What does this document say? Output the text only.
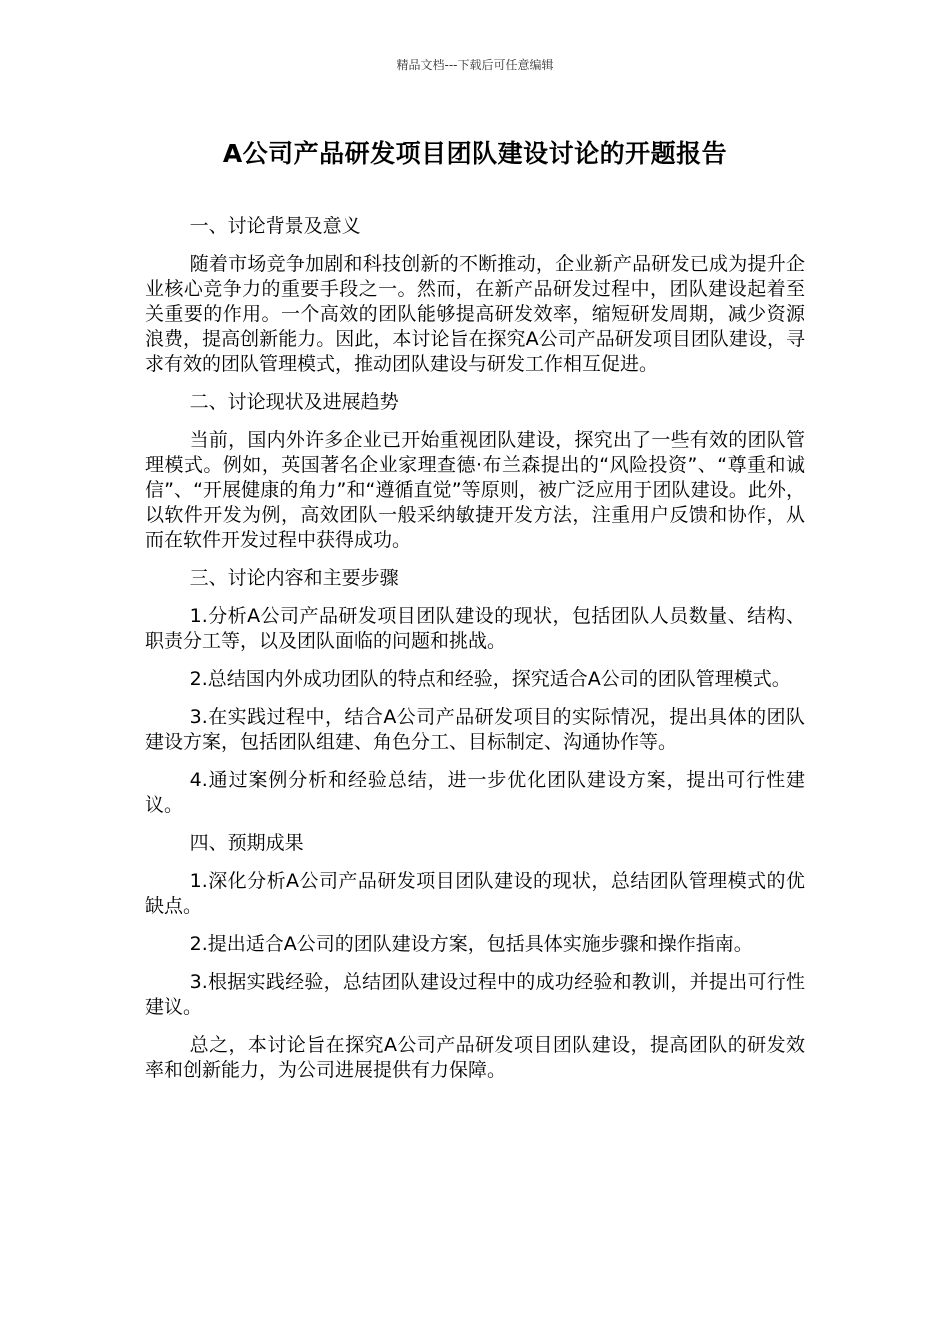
精品文档---下载后可任意编辑
A公司产品研发项目团队建设讨论的开题报告

一、讨论背景及意义

随着市场竞争加剧和科技创新的不断推动，企业新产品研发已成为提升企业核心竞争力的重要手段之一。然而，在新产品研发过程中，团队建设起着至关重要的作用。一个高效的团队能够提高研发效率，缩短研发周期，减少资源浪费，提高创新能力。因此，本讨论旨在探究A公司产品研发项目团队建设，寻求有效的团队管理模式，推动团队建设与研发工作相互促进。

二、讨论现状及进展趋势

当前，国内外许多企业已开始重视团队建设，探究出了一些有效的团队管理模式。例如，英国著名企业家理查德·布兰森提出的“风险投资”、“尊重和诚信”、“开展健康的角力”和“遵循直觉”等原则，被广泛应用于团队建设。此外，以软件开发为例，高效团队一般采纳敏捷开发方法，注重用户反馈和协作，从而在软件开发过程中获得成功。

三、讨论内容和主要步骤

1.分析A公司产品研发项目团队建设的现状，包括团队人员数量、结构、职责分工等，以及团队面临的问题和挑战。

2.总结国内外成功团队的特点和经验，探究适合A公司的团队管理模式。

3.在实践过程中，结合A公司产品研发项目的实际情况，提出具体的团队建设方案，包括团队组建、角色分工、目标制定、沟通协作等。

4.通过案例分析和经验总结，进一步优化团队建设方案，提出可行性建议。

四、预期成果

1.深化分析A公司产品研发项目团队建设的现状，总结团队管理模式的优缺点。

2.提出适合A公司的团队建设方案，包括具体实施步骤和操作指南。

3.根据实践经验，总结团队建设过程中的成功经验和教训，并提出可行性建议。

总之，本讨论旨在探究A公司产品研发项目团队建设，提高团队的研发效率和创新能力，为公司进展提供有力保障。
